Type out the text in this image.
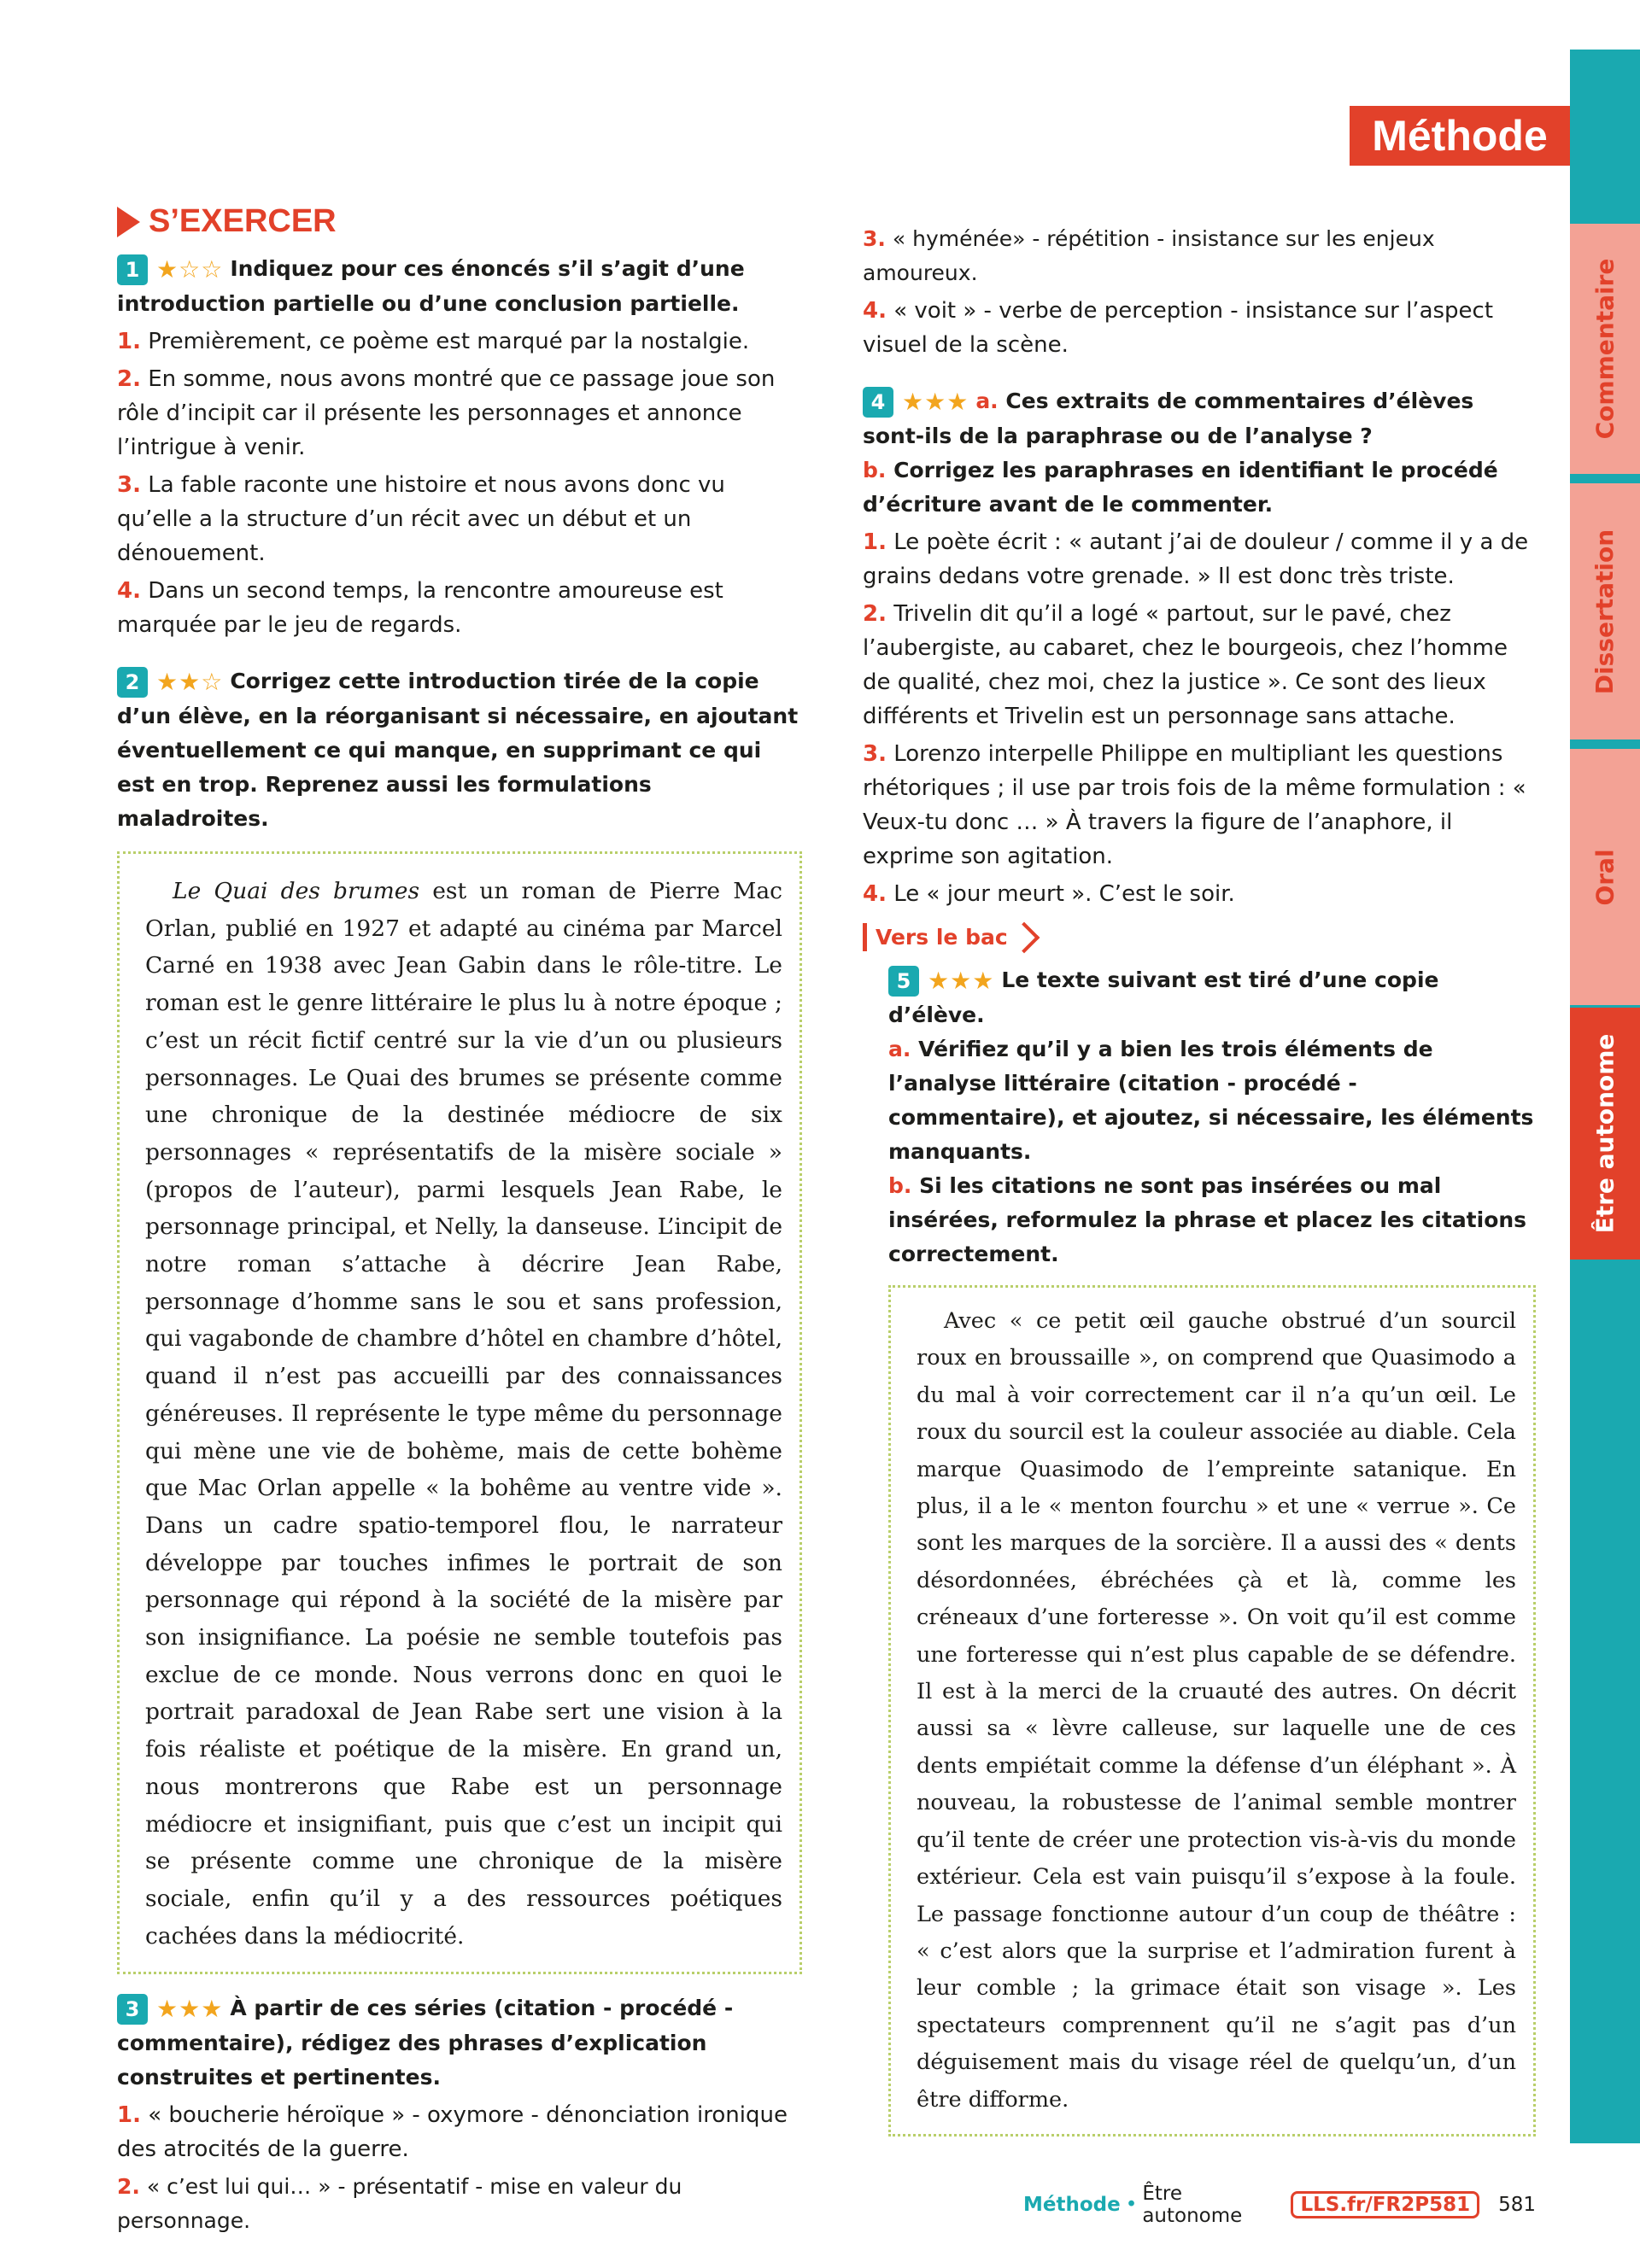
Commentaire
Dissertation
Oral
Être autonome
Méthode
S’EXERCER
1 ★☆☆ Indiquez pour ces énoncés s’il s’agit d’une introduction partielle ou d’une conclusion partielle.
1. Premièrement, ce poème est marqué par la nostalgie.
2. En somme, nous avons montré que ce passage joue son rôle d’incipit car il présente les personnages et annonce l’intrigue à venir.
3. La fable raconte une histoire et nous avons donc vu qu’elle a la structure d’un récit avec un début et un dénouement.
4. Dans un second temps, la rencontre amoureuse est marquée par le jeu de regards.
2 ★★☆ Corrigez cette introduction tirée de la copie d’un élève, en la réorganisant si nécessaire, en ajoutant éventuellement ce qui manque, en supprimant ce qui est en trop. Reprenez aussi les formulations maladroites.

Le Quai des brumes est un roman de Pierre Mac Orlan, publié en 1927 et adapté au cinéma par Marcel Carné en 1938 avec Jean Gabin dans le rôle-titre. Le roman est le genre littéraire le plus lu à notre époque ; c’est un récit fictif centré sur la vie d’un ou plusieurs personnages. Le Quai des brumes se présente comme une chronique de la destinée médiocre de six personnages « représentatifs de la misère sociale » (propos de l’auteur), parmi lesquels Jean Rabe, le personnage principal, et Nelly, la danseuse. L’incipit de notre roman s’attache à décrire Jean Rabe, personnage d’homme sans le sou et sans profession, qui vagabonde de chambre d’hôtel en chambre d’hôtel, quand il n’est pas accueilli par des connaissances généreuses. Il représente le type même du personnage qui mène une vie de bohème, mais de cette bohème que Mac Orlan appelle « la bohême au ventre vide ». Dans un cadre spatio-temporel flou, le narrateur développe par touches infimes le portrait de son personnage qui répond à la société de la misère par son insignifiance. La poésie ne semble toutefois pas exclue de ce monde. Nous verrons donc en quoi le portrait paradoxal de Jean Rabe sert une vision à la fois réaliste et poétique de la misère. En grand un, nous montrerons que Rabe est un personnage médiocre et insignifiant, puis que c’est un incipit qui se présente comme une chronique de la misère sociale, enfin qu’il y a des ressources poétiques cachées dans la médiocrité.

3 ★★★ À partir de ces séries (citation - procédé - commentaire), rédigez des phrases d’explication construites et pertinentes.
1. « boucherie héroïque » - oxymore - dénonciation ironique des atrocités de la guerre.
2. « c’est lui qui… » - présentatif - mise en valeur du personnage.
3. « hyménée» - répétition - insistance sur les enjeux amoureux.
4. « voit » - verbe de perception - insistance sur l’aspect visuel de la scène.
4 ★★★ a. Ces extraits de commentaires d’élèves sont-ils de la paraphrase ou de l’analyse ?
b. Corrigez les paraphrases en identifiant le procédé d’écriture avant de le commenter.
1. Le poète écrit : « autant j’ai de douleur / comme il y a de grains dedans votre grenade. » Il est donc très triste.
2. Trivelin dit qu’il a logé « partout, sur le pavé, chez l’aubergiste, au cabaret, chez le bourgeois, chez l’homme de qualité, chez moi, chez la justice ». Ce sont des lieux différents et Trivelin est un personnage sans attache.
3. Lorenzo interpelle Philippe en multipliant les questions rhétoriques ; il use par trois fois de la même formulation : « Veux-tu donc … » À travers la figure de l’anaphore, il exprime son agitation.
4. Le « jour meurt ». C’est le soir.
Vers le bac
5 ★★★ Le texte suivant est tiré d’une copie d’élève.
a. Vérifiez qu’il y a bien les trois éléments de l’analyse littéraire (citation - procédé - commentaire), et ajoutez, si nécessaire, les éléments manquants.
b. Si les citations ne sont pas insérées ou mal insérées, reformulez la phrase et placez les citations correctement.

Avec « ce petit œil gauche obstrué d’un sourcil roux en broussaille », on comprend que Quasimodo a du mal à voir correctement car il n’a qu’un œil. Le roux du sourcil est la couleur associée au diable. Cela marque Quasimodo de l’empreinte satanique. En plus, il a le « menton fourchu » et une « verrue ». Ce sont les marques de la sorcière. Il a aussi des « dents désordonnées, ébréchées çà et là, comme les créneaux d’une forteresse ». On voit qu’il est comme une forteresse qui n’est plus capable de se défendre. Il est à la merci de la cruauté des autres. On décrit aussi sa « lèvre calleuse, sur laquelle une de ces dents empiétait comme la défense d’un éléphant ». À nouveau, la robustesse de l’animal semble montrer qu’il tente de créer une protection vis-à-vis du monde extérieur. Cela est vain puisqu’il s’expose à la foule. Le passage fonctionne autour d’un coup de théâtre : « c’est alors que la surprise et l’admiration furent à leur comble ; la grimace était son visage ». Les spectateurs comprennent qu’il ne s’agit pas d’un déguisement mais du visage réel de quelqu’un, d’un être difforme.

Méthode • Être autonome	LLS.fr/FR2P581	581
